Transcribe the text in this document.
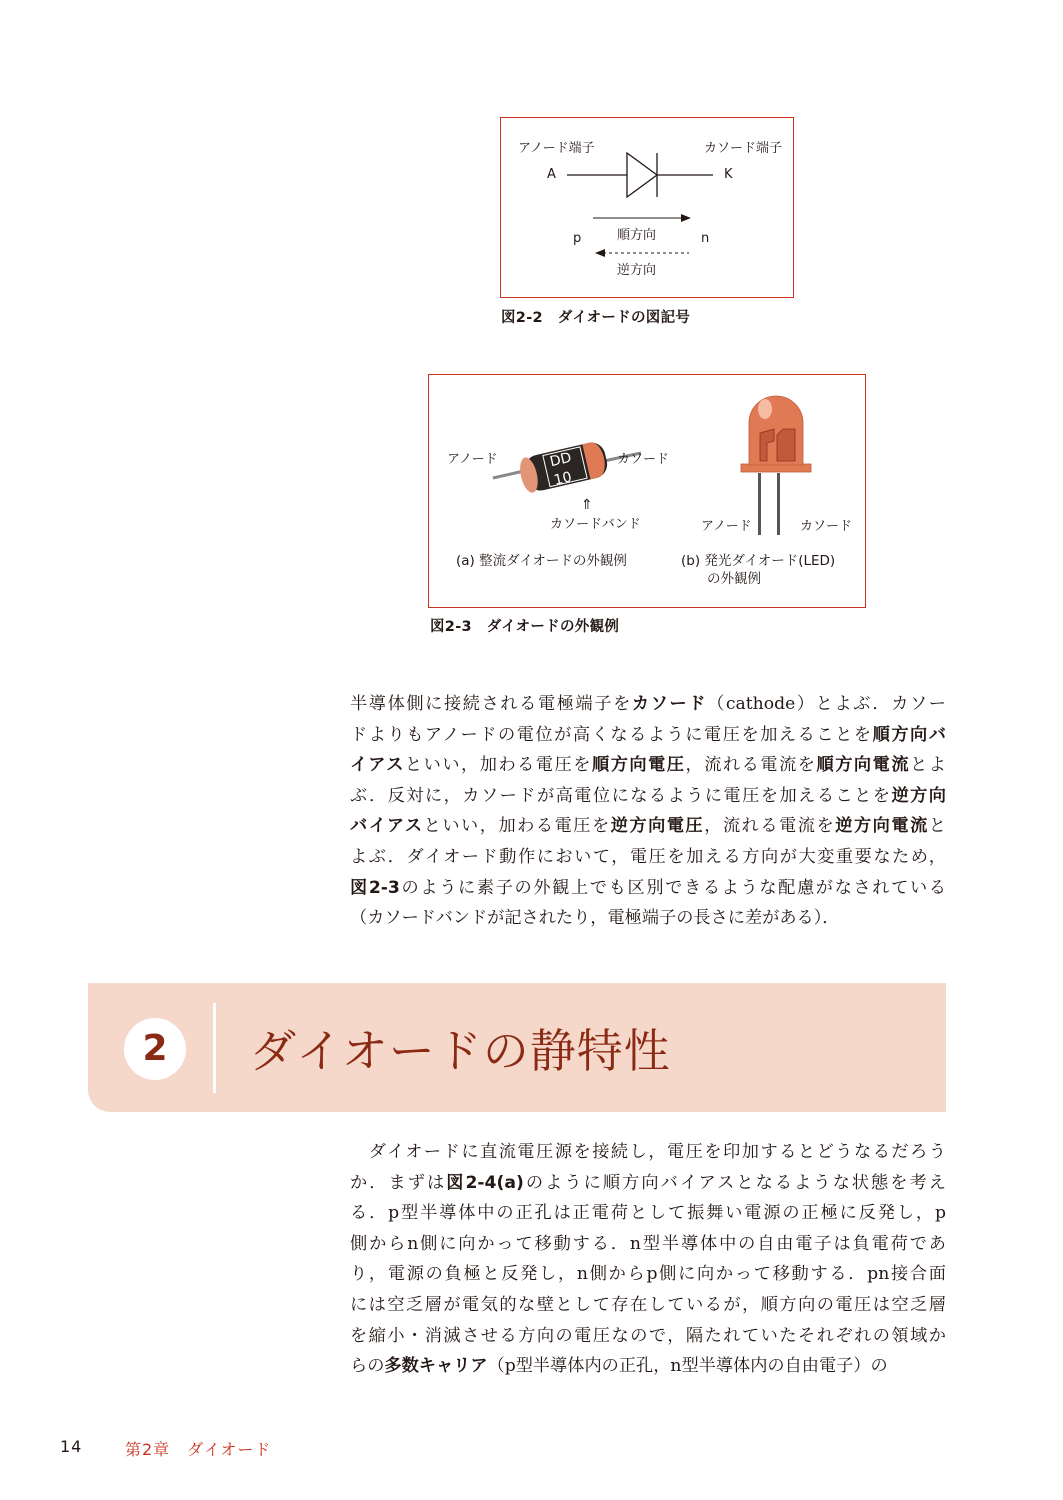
アノード端子	カソード端子
A	K
p	n
順方向
逆方向
図2-2　ダイオードの図記号
アノード	カソード
DD
10
⇑
カソードバンド
(a) 整流ダイオードの外観例
アノード	カソード
(b) 発光ダイオード(LED)
の外観例
図2-3　ダイオードの外観例
半導体側に接続される電極端子をカソード（cathode）とよぶ．カソー
ドよりもアノードの電位が高くなるように電圧を加えることを順方向バ
イアスといい，加わる電圧を順方向電圧，流れる電流を順方向電流とよ
ぶ．反対に，カソードが高電位になるように電圧を加えることを逆方向
バイアスといい，加わる電圧を逆方向電圧，流れる電流を逆方向電流と
よぶ．ダイオード動作において，電圧を加える方向が大変重要なため，
図2-3のように素子の外観上でも区別できるような配慮がなされている
（カソードバンドが記されたり，電極端子の長さに差がある）．
2	ダイオードの静特性
　ダイオードに直流電圧源を接続し，電圧を印加するとどうなるだろう
か．まずは図2-4(a)のように順方向バイアスとなるような状態を考え
る．p型半導体中の正孔は正電荷として振舞い電源の正極に反発し，p
側からn側に向かって移動する．n型半導体中の自由電子は負電荷であ
り，電源の負極と反発し，n側からp側に向かって移動する．pn接合面
には空乏層が電気的な壁として存在しているが，順方向の電圧は空乏層
を縮小・消滅させる方向の電圧なので，隔たれていたそれぞれの領域か
らの多数キャリア（p型半導体内の正孔，n型半導体内の自由電子）の
14	第2章　ダイオード
